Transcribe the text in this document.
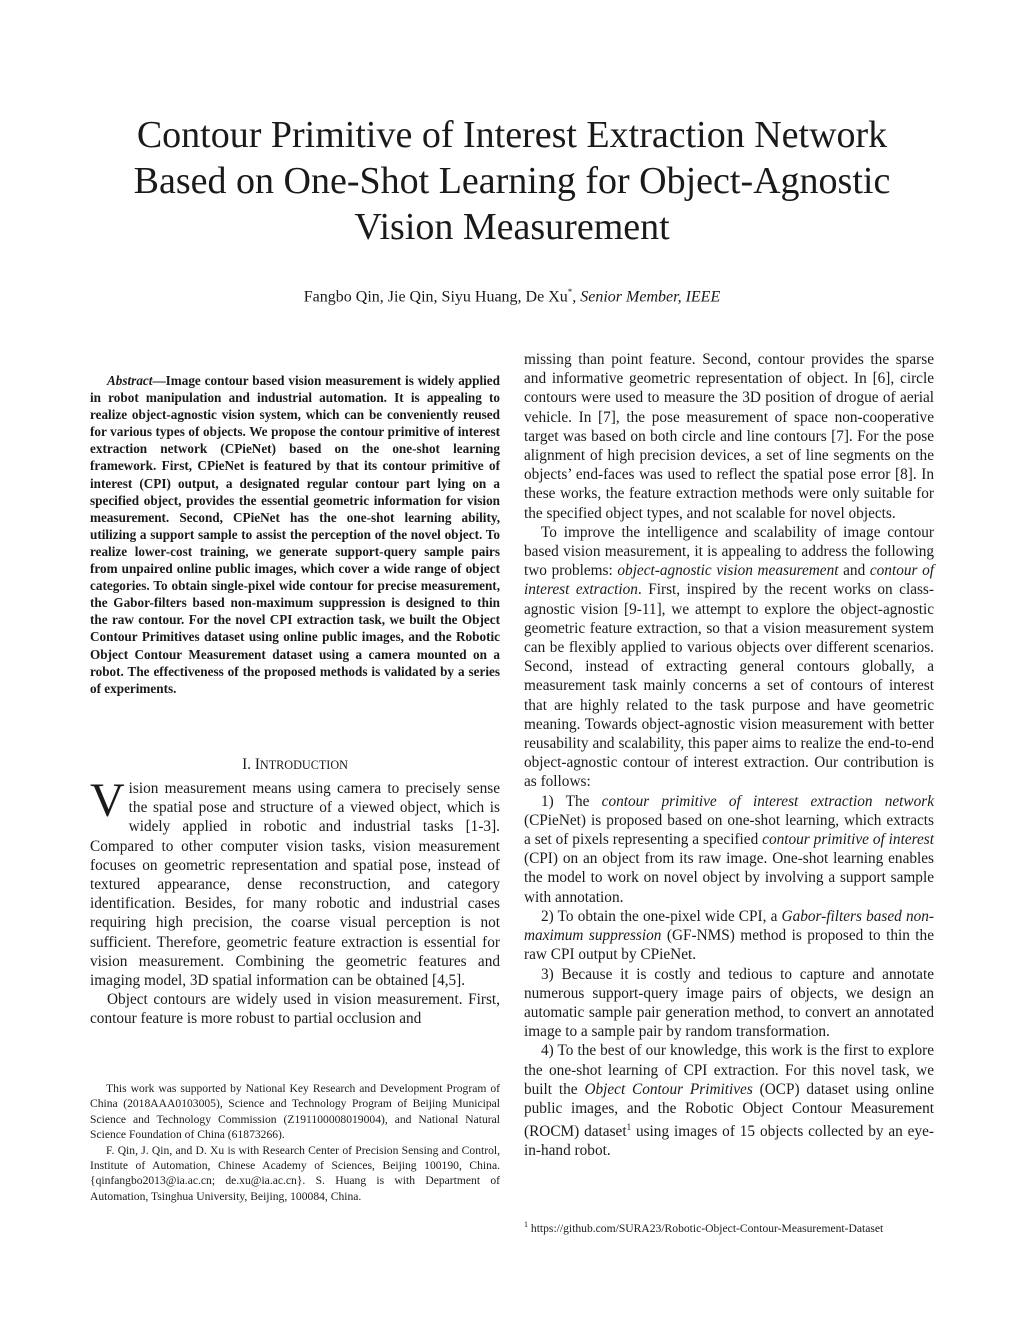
Contour Primitive of Interest Extraction Network
Based on One-Shot Learning for Object-Agnostic
Vision Measurement
Fangbo Qin, Jie Qin, Siyu Huang, De Xu*, Senior Member, IEEE

Abstract—Image contour based vision measurement is widely applied in robot manipulation and industrial automation. It is appealing to realize object-agnostic vision system, which can be conveniently reused for various types of objects. We propose the contour primitive of interest extraction network (CPieNet) based on the one-shot learning framework. First, CPieNet is featured by that its contour primitive of interest (CPI) output, a designated regular contour part lying on a specified object, provides the essential geometric information for vision measurement. Second, CPieNet has the one-shot learning ability, utilizing a support sample to assist the perception of the novel object. To realize lower-cost training, we generate support-query sample pairs from unpaired online public images, which cover a wide range of object categories. To obtain single-pixel wide contour for precise measurement, the Gabor-filters based non-maximum suppression is designed to thin the raw contour. For the novel CPI extraction task, we built the Object Contour Primitives dataset using online public images, and the Robotic Object Contour Measurement dataset using a camera mounted on a robot. The effectiveness of the proposed methods is validated by a series of experiments.

I. INTRODUCTION

Vision measurement means using camera to precisely sense the spatial pose and structure of a viewed object, which is widely applied in robotic and industrial tasks [1-3]. Compared to other computer vision tasks, vision measurement focuses on geometric representation and spatial pose, instead of textured appearance, dense reconstruction, and category identification. Besides, for many robotic and industrial cases requiring high precision, the coarse visual perception is not sufficient. Therefore, geometric feature extraction is essential for vision measurement. Combining the geometric features and imaging model, 3D spatial information can be obtained [4,5].

Object contours are widely used in vision measurement. First, contour feature is more robust to partial occlusion and

missing than point feature. Second, contour provides the sparse and informative geometric representation of object. In [6], circle contours were used to measure the 3D position of drogue of aerial vehicle. In [7], the pose measurement of space non-cooperative target was based on both circle and line contours [7]. For the pose alignment of high precision devices, a set of line segments on the objects’ end-faces was used to reflect the spatial pose error [8]. In these works, the feature extraction methods were only suitable for the specified object types, and not scalable for novel objects.

To improve the intelligence and scalability of image contour based vision measurement, it is appealing to address the following two problems: object-agnostic vision measurement and contour of interest extraction. First, inspired by the recent works on class-agnostic vision [9-11], we attempt to explore the object-agnostic geometric feature extraction, so that a vision measurement system can be flexibly applied to various objects over different scenarios. Second, instead of extracting general contours globally, a measurement task mainly concerns a set of contours of interest that are highly related to the task purpose and have geometric meaning. Towards object-agnostic vision measurement with better reusability and scalability, this paper aims to realize the end-to-end object-agnostic contour of interest extraction. Our contribution is as follows:

1) The contour primitive of interest extraction network (CPieNet) is proposed based on one-shot learning, which extracts a set of pixels representing a specified contour primitive of interest (CPI) on an object from its raw image. One-shot learning enables the model to work on novel object by involving a support sample with annotation.

2) To obtain the one-pixel wide CPI, a Gabor-filters based non-maximum suppression (GF-NMS) method is proposed to thin the raw CPI output by CPieNet.

3) Because it is costly and tedious to capture and annotate numerous support-query image pairs of objects, we design an automatic sample pair generation method, to convert an annotated image to a sample pair by random transformation.

4) To the best of our knowledge, this work is the first to explore the one-shot learning of CPI extraction. For this novel task, we built the Object Contour Primitives (OCP) dataset using online public images, and the Robotic Object Contour Measurement (ROCM) dataset$^1$ using images of 15 objects collected by an eye-in-hand robot.

This work was supported by National Key Research and Development Program of China (2018AAA0103005), Science and Technology Program of Beijing Municipal Science and Technology Commission (Z191100008019004), and National Natural Science Foundation of China (61873266).

F. Qin, J. Qin, and D. Xu is with Research Center of Precision Sensing and Control, Institute of Automation, Chinese Academy of Sciences, Beijing 100190, China. {qinfangbo2013@ia.ac.cn; de.xu@ia.ac.cn}. S. Huang is with Department of Automation, Tsinghua University, Beijing, 100084, China.

$^1$ https://github.com/SURA23/Robotic-Object-Contour-Measurement-Dataset
